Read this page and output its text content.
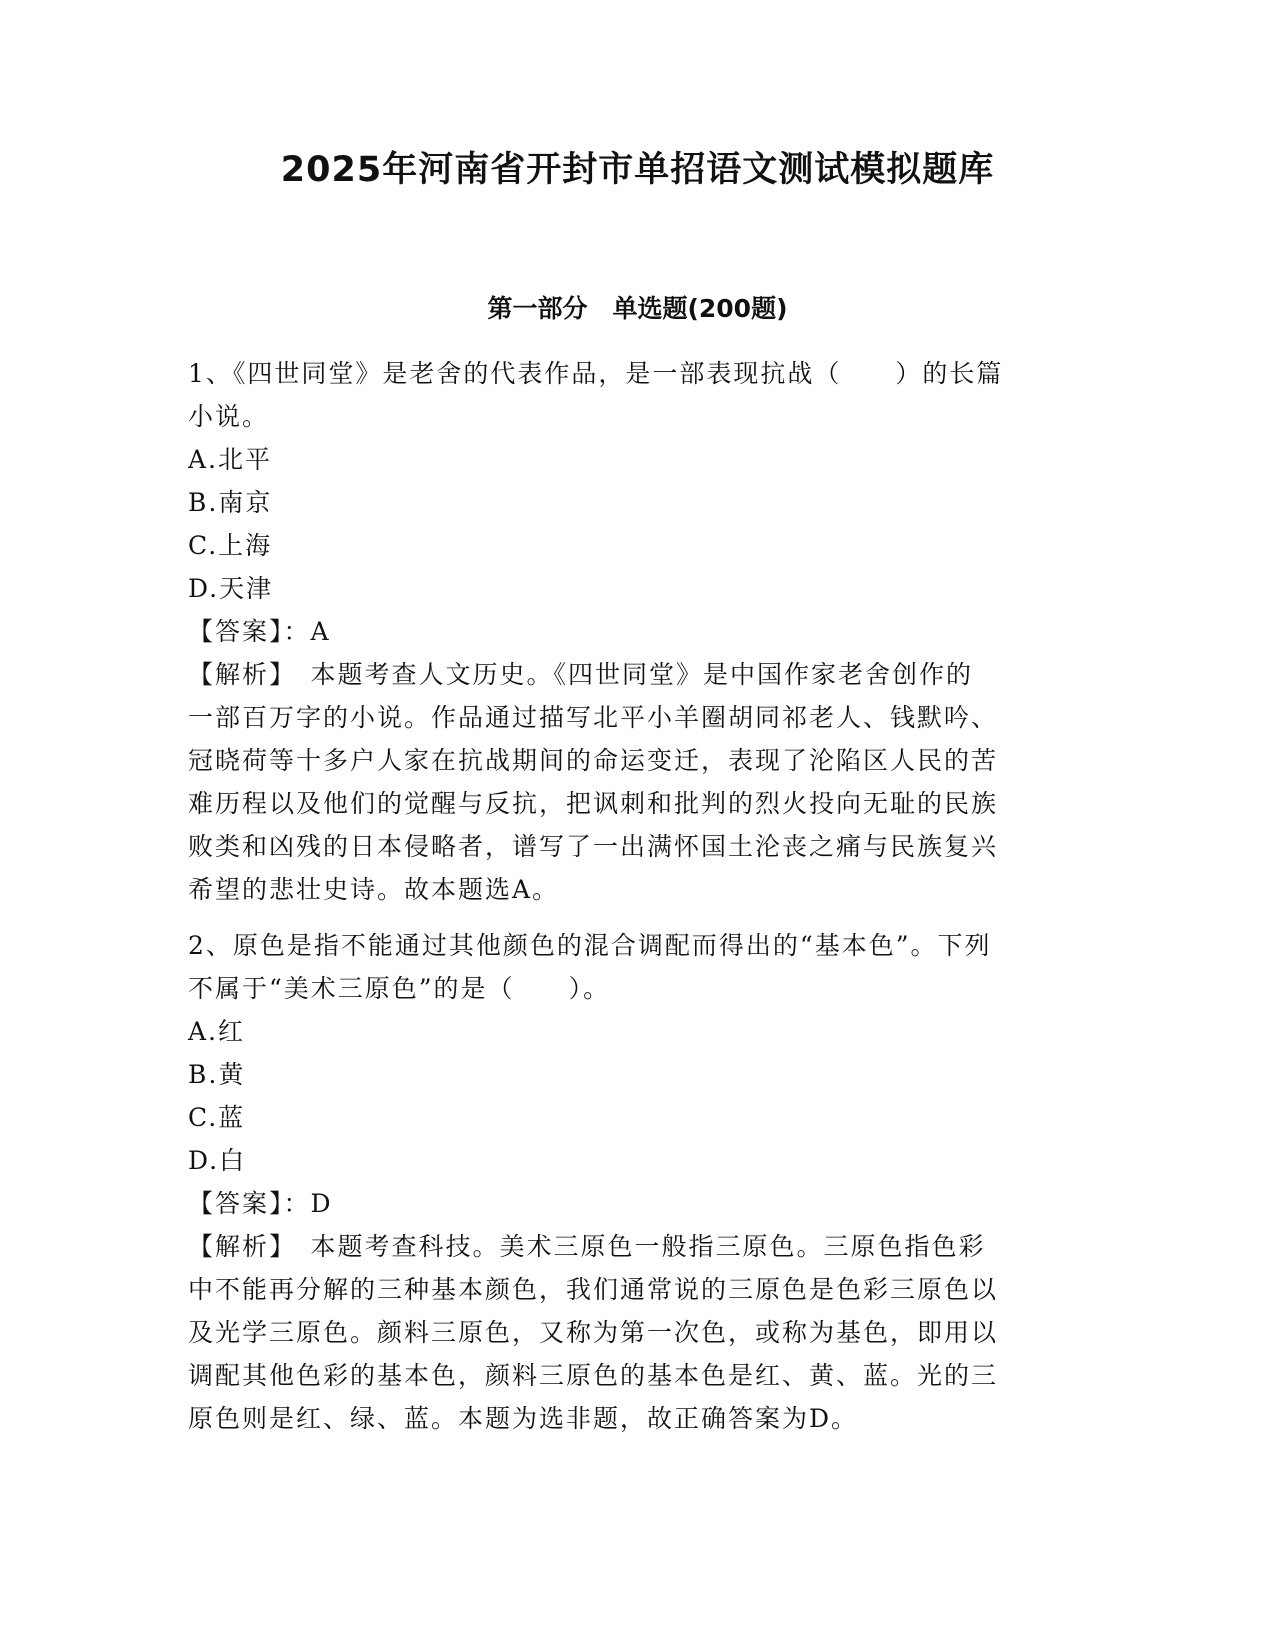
2025年河南省开封市单招语文测试模拟题库
第一部分　单选题(200题)
1、《四世同堂》是老舍的代表作品，是一部表现抗战（　　）的长篇
小说。
A.北平
B.南京
C.上海
D.天津
【答案】：A
【解析】　本题考查人文历史。《四世同堂》是中国作家老舍创作的
一部百万字的小说。作品通过描写北平小羊圈胡同祁老人、钱默吟、
冠晓荷等十多户人家在抗战期间的命运变迁，表现了沦陷区人民的苦
难历程以及他们的觉醒与反抗，把讽刺和批判的烈火投向无耻的民族
败类和凶残的日本侵略者，谱写了一出满怀国土沦丧之痛与民族复兴
希望的悲壮史诗。故本题选A。
2、原色是指不能通过其他颜色的混合调配而得出的“基本色”。下列
不属于“美术三原色”的是（　　）。
A.红
B.黄
C.蓝
D.白
【答案】：D
【解析】　本题考查科技。美术三原色一般指三原色。三原色指色彩
中不能再分解的三种基本颜色，我们通常说的三原色是色彩三原色以
及光学三原色。颜料三原色，又称为第一次色，或称为基色，即用以
调配其他色彩的基本色，颜料三原色的基本色是红、黄、蓝。光的三
原色则是红、绿、蓝。本题为选非题，故正确答案为D。
